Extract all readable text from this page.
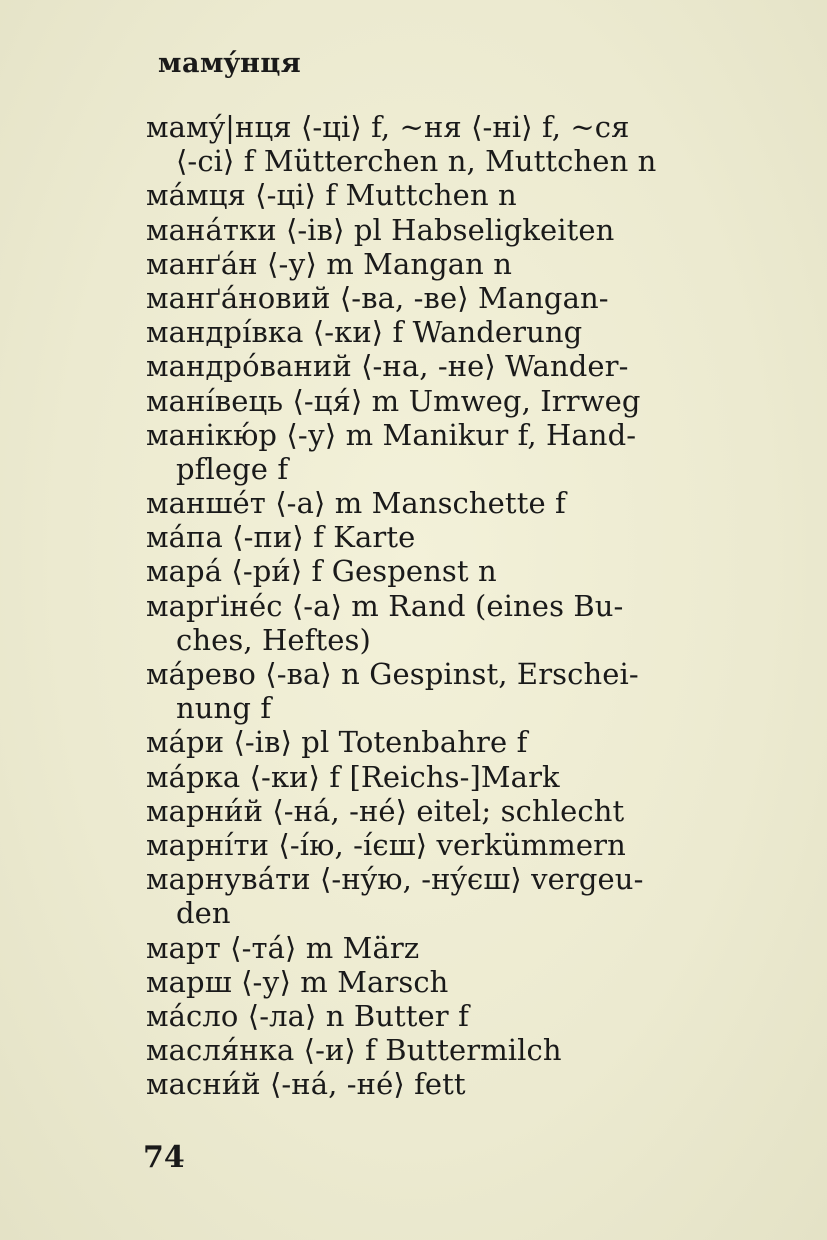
мамýнця
мамý|нця ⟨-ці⟩ f, ~ня ⟨-ні⟩ f, ~ся
⟨-сі⟩ f Mütterchen n, Muttchen n
мáмця ⟨-ці⟩ f Muttchen n
манáтки ⟨-ів⟩ pl Habseligkeiten
манґáн ⟨-у⟩ m Mangan n
манґáновий ⟨-ва, -ве⟩ Mangan-
мандрíвка ⟨-ки⟩ f Wanderung
мандрóваний ⟨-на, -не⟩ Wander-
манíвець ⟨-ця́⟩ m Umweg, Irrweg
манікю́р ⟨-у⟩ m Manikur f, Hand-
pflege f
маншéт ⟨-а⟩ m Manschette f
мáпа ⟨-пи⟩ f Karte
марá ⟨-ри́⟩ f Gespenst n
марґінéс ⟨-а⟩ m Rand (eines Bu-
ches, Heftes)
мáрево ⟨-ва⟩ n Gespinst, Erschei-
nung f
мáри ⟨-ів⟩ pl Totenbahre f
мáрка ⟨-ки⟩ f [Reichs-]Mark
марни́й ⟨-нá, -нé⟩ eitel; schlecht
марнíти ⟨-íю, -íєш⟩ verkümmern
марнувáти ⟨-нýю, -нýєш⟩ vergeu-
den
март ⟨-тá⟩ m März
марш ⟨-у⟩ m Marsch
мáсло ⟨-ла⟩ n Butter f
масля́нка ⟨-и⟩ f Buttermilch
масни́й ⟨-нá, -нé⟩ fett
74
